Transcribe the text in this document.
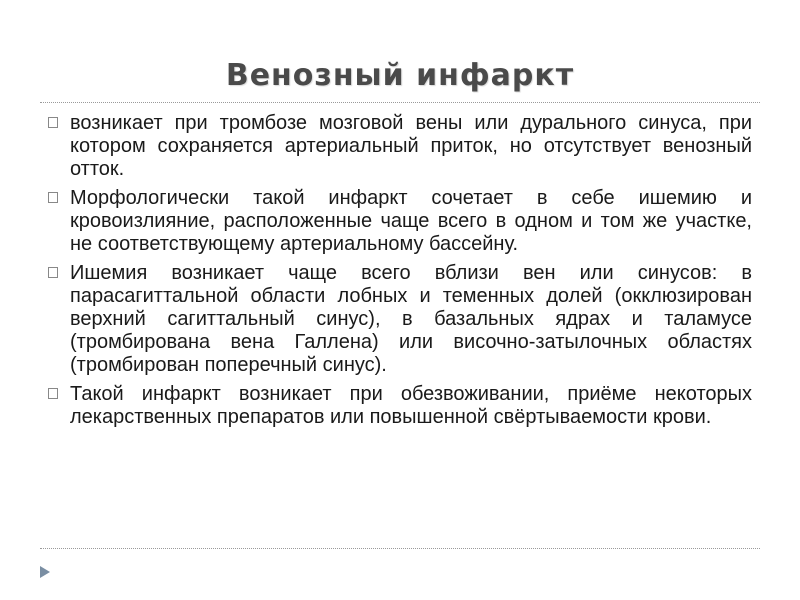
Венозный инфаркт

возникает при тромбозе мозговой вены или дурального синуса, при котором сохраняется артериальный приток, но отсутствует венозный отток.

Морфологически такой инфаркт сочетает в себе ишемию и кровоизлияние, расположенные чаще всего в одном и том же участке, не соответствующему артериальному бассейну.

Ишемия возникает чаще всего вблизи вен или синусов: в парасагиттальной области лобных и теменных долей (окклюзирован верхний сагиттальный синус), в базальных ядрах и таламусе (тромбирована вена Галлена) или височно-затылочных областях (тромбирован поперечный синус).

Такой инфаркт возникает при обезвоживании, приёме некоторых лекарственных препаратов или повышенной свёртываемости крови.
